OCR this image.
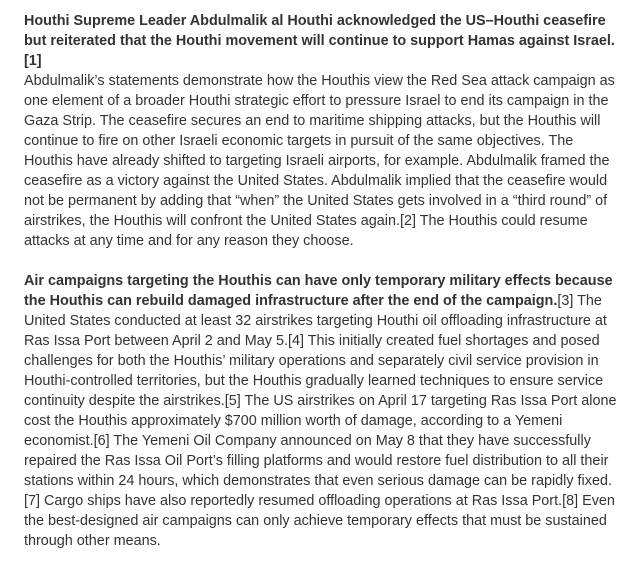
Houthi Supreme Leader Abdulmalik al Houthi acknowledged the US–Houthi ceasefire but reiterated that the Houthi movement will continue to support Hamas against Israel.[1]
Abdulmalik’s statements demonstrate how the Houthis view the Red Sea attack campaign as one element of a broader Houthi strategic effort to pressure Israel to end its campaign in the Gaza Strip. The ceasefire secures an end to maritime shipping attacks, but the Houthis will continue to fire on other Israeli economic targets in pursuit of the same objectives. The Houthis have already shifted to targeting Israeli airports, for example. Abdulmalik framed the ceasefire as a victory against the United States. Abdulmalik implied that the ceasefire would not be permanent by adding that “when” the United States gets involved in a “third round” of airstrikes, the Houthis will confront the United States again.[2] The Houthis could resume attacks at any time and for any reason they choose.

Air campaigns targeting the Houthis can have only temporary military effects because the Houthis can rebuild damaged infrastructure after the end of the campaign.[3] The United States conducted at least 32 airstrikes targeting Houthi oil offloading infrastructure at Ras Issa Port between April 2 and May 5.[4] This initially created fuel shortages and posed challenges for both the Houthis’ military operations and separately civil service provision in Houthi-controlled territories, but the Houthis gradually learned techniques to ensure service continuity despite the airstrikes.[5] The US airstrikes on April 17 targeting Ras Issa Port alone cost the Houthis approximately $700 million worth of damage, according to a Yemeni economist.[6] The Yemeni Oil Company announced on May 8 that they have successfully repaired the Ras Issa Oil Port’s filling platforms and would restore fuel distribution to all their stations within 24 hours, which demonstrates that even serious damage can be rapidly fixed.[7] Cargo ships have also reportedly resumed offloading operations at Ras Issa Port.[8] Even the best-designed air campaigns can only achieve temporary effects that must be sustained through other means.
